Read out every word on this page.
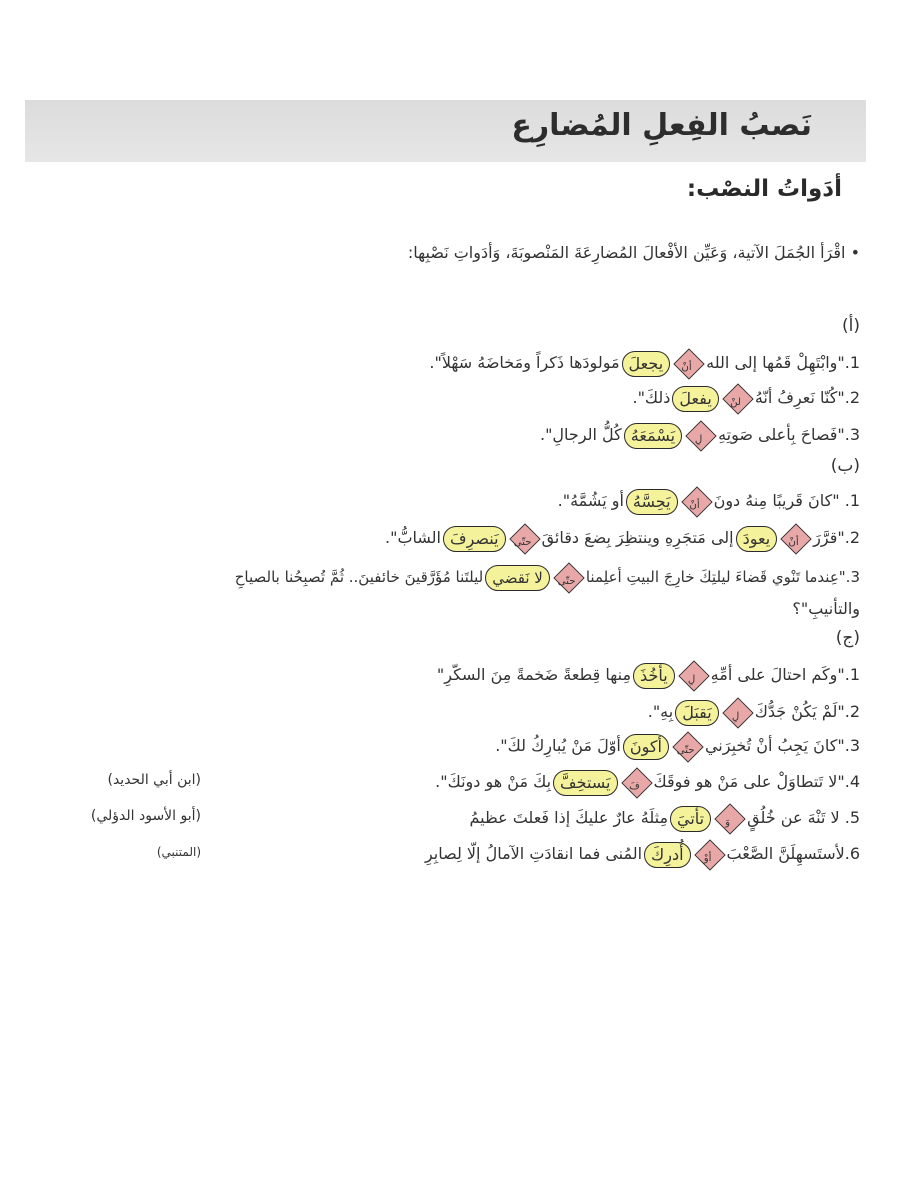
نَصبُ الفِعلِ المُضارِع
أدَواتُ النصْب:
• اقْرَأ الجُمَلَ الآتية، وَعَيِّن الأفْعالَ المُضارِعَةَ المَنْصوبَةَ، وَأدَواتِ نَصْبِها:
(أ)
1."وابْتَهِلْ قَمُها إلى اللهأنْيجعلَمَولودَها ذَكراً ومَخاضَهُ سَهْلاً".
2."كُنّا نَعرِفُ أنّهُلنْيفعلَذلكَ".
3."فَصاحَ بِأعلى صَوتِهِلِيَسْمَعَهُكُلُّ الرجالِ".
(ب)
1. "كانَ قَريبًا مِنهُ دونَأنْيَحِسَّهُأو يَشُمَّهُ".
2."قرَّرَأنْيعودَإلى مَتجَرِهِ وينتظِرَ بِضعَ دقائقَحتّىيَنصرِفَالشابُّ".
3."عِندما تَنْوي قَضاءَ ليلتِكَ خارِجَ البيتِ أعلِمناحتّىلا نَقضيليلتَنا مُؤَرَّقينَ خائفينَ.. ثُمَّ تُصبِحُنا بالصياحِ
والتأنيبِ"؟
(ج)
1."وكَم احتالَ على أمِّهِلِيأخُذَمِنها قِطعةً ضَخمةً مِنَ السكّرِ"
2."لَمْ يَكُنْ جَدُّكَلِيَقبَلَبِهِ".
3."كانَ يَجِبُ أنْ تُخبِرَنيحتّىأكونَأوّلَ مَنْ يُبارِكُ لكَ".
4."لا تَتطاوَلْ على مَنْ هو فوقَكَفَيَستخِفَّبِكَ مَنْ هو دونَكَ".
(ابن أبي الحديد)
5. لا تَنْهَ عن خُلُقٍوَتأتيَمِثلَهُ عارٌ عليكَ إذا فَعلتَ عظيمُ
(أبو الأسود الدؤلي)
6.لأستَسهِلَنَّ الصَّعْبَأوْأُدرِكَالمُنى فما انقادَتِ الآمالُ إلّا لِصابِرِ
(المتنبي)
